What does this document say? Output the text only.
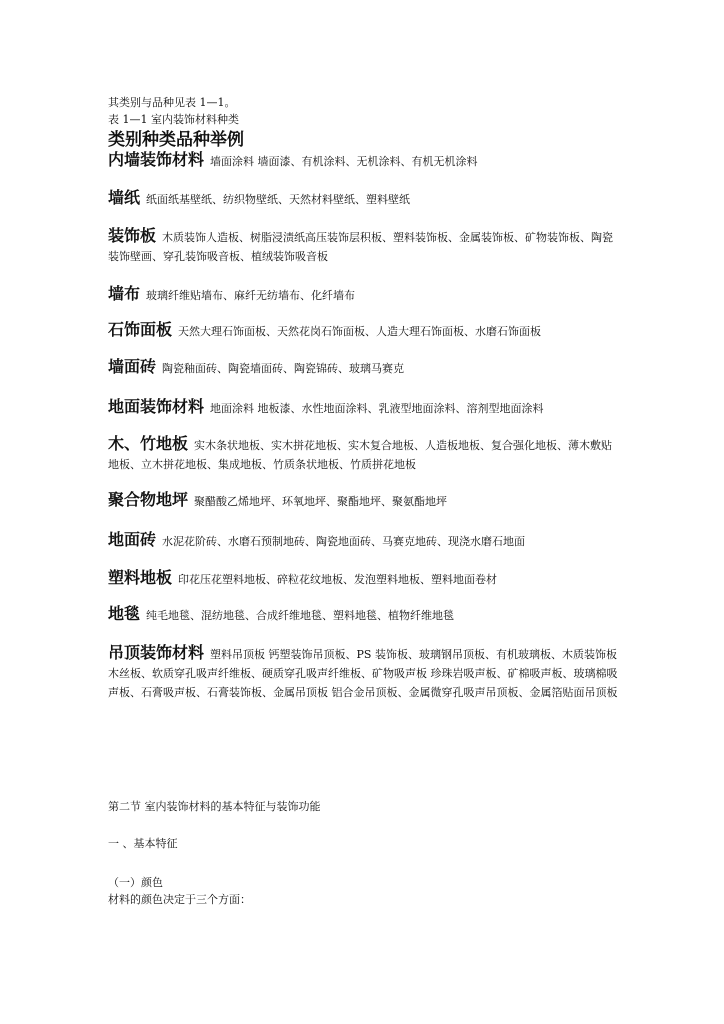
其类别与品种见表 1—1。
表 1—1 室内装饰材料种类
类别种类品种举例
内墙装饰材料 墙面涂料 墙面漆、有机涂料、无机涂料、有机无机涂料
墙纸 纸面纸基壁纸、纺织物壁纸、天然材料壁纸、塑料壁纸
装饰板 木质装饰人造板、树脂浸渍纸高压装饰层积板、塑料装饰板、金属装饰板、矿物装饰板、陶瓷装饰壁画、穿孔装饰吸音板、植绒装饰吸音板
墙布 玻璃纤维贴墙布、麻纤无纺墙布、化纤墙布
石饰面板 天然大理石饰面板、天然花岗石饰面板、人造大理石饰面板、水磨石饰面板
墙面砖 陶瓷釉面砖、陶瓷墙面砖、陶瓷锦砖、玻璃马赛克
地面装饰材料 地面涂料 地板漆、水性地面涂料、乳液型地面涂料、溶剂型地面涂料
木、竹地板 实木条状地板、实木拼花地板、实木复合地板、人造板地板、复合强化地板、薄木敷贴地板、立木拼花地板、集成地板、竹质条状地板、竹质拼花地板
聚合物地坪 聚醋酸乙烯地坪、环氧地坪、聚酯地坪、聚氨酯地坪
地面砖 水泥花阶砖、水磨石预制地砖、陶瓷地面砖、马赛克地砖、现浇水磨石地面
塑料地板 印花压花塑料地板、碎粒花纹地板、发泡塑料地板、塑料地面卷材
地毯 纯毛地毯、混纺地毯、合成纤维地毯、塑料地毯、植物纤维地毯
吊顶装饰材料 塑料吊顶板 钙塑装饰吊顶板、PS 装饰板、玻璃钢吊顶板、有机玻璃板、木质装饰板 木丝板、软质穿孔吸声纤维板、硬质穿孔吸声纤维板、矿物吸声板 珍珠岩吸声板、矿棉吸声板、玻璃棉吸声板、石膏吸声板、石膏装饰板、金属吊顶板 铝合金吊顶板、金属微穿孔吸声吊顶板、金属箔贴面吊顶板
第二节 室内装饰材料的基本特征与装饰功能
一 、基本特征
（一）颜色
材料的颜色决定于三个方面：
